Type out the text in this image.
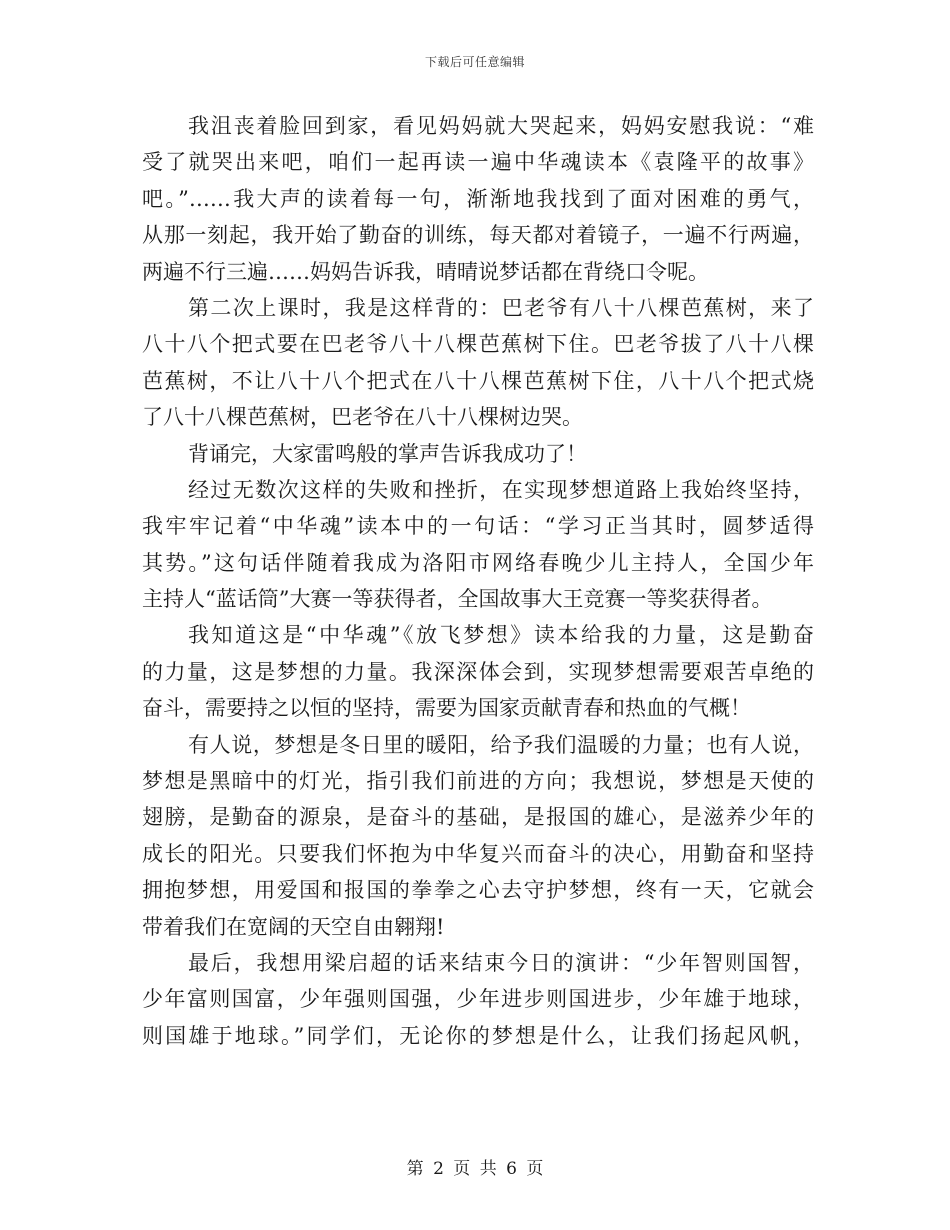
下载后可任意编辑
我沮丧着脸回到家，看见妈妈就大哭起来，妈妈安慰我说：“难
受了就哭出来吧，咱们一起再读一遍中华魂读本《袁隆平的故事》
吧。”……我大声的读着每一句，渐渐地我找到了面对困难的勇气，
从那一刻起，我开始了勤奋的训练，每天都对着镜子，一遍不行两遍，
两遍不行三遍……妈妈告诉我，晴晴说梦话都在背绕口令呢。
第二次上课时，我是这样背的：巴老爷有八十八棵芭蕉树，来了
八十八个把式要在巴老爷八十八棵芭蕉树下住。巴老爷拔了八十八棵
芭蕉树，不让八十八个把式在八十八棵芭蕉树下住，八十八个把式烧
了八十八棵芭蕉树，巴老爷在八十八棵树边哭。
背诵完，大家雷鸣般的掌声告诉我成功了！
经过无数次这样的失败和挫折，在实现梦想道路上我始终坚持，
我牢牢记着“中华魂”读本中的一句话：“学习正当其时，圆梦适得
其势。”这句话伴随着我成为洛阳市网络春晚少儿主持人，全国少年
主持人“蓝话筒”大赛一等获得者，全国故事大王竞赛一等奖获得者。
我知道这是“中华魂”《放飞梦想》读本给我的力量，这是勤奋
的力量，这是梦想的力量。我深深体会到，实现梦想需要艰苦卓绝的
奋斗，需要持之以恒的坚持，需要为国家贡献青春和热血的气概！
有人说，梦想是冬日里的暖阳，给予我们温暖的力量；也有人说，
梦想是黑暗中的灯光，指引我们前进的方向；我想说，梦想是天使的
翅膀，是勤奋的源泉，是奋斗的基础，是报国的雄心，是滋养少年的
成长的阳光。只要我们怀抱为中华复兴而奋斗的决心，用勤奋和坚持
拥抱梦想，用爱国和报国的拳拳之心去守护梦想，终有一天，它就会
带着我们在宽阔的天空自由翱翔!
最后，我想用梁启超的话来结束今日的演讲：“少年智则国智，
少年富则国富，少年强则国强，少年进步则国进步，少年雄于地球，
则国雄于地球。”同学们，无论你的梦想是什么，让我们扬起风帆，
第 2 页 共 6 页
